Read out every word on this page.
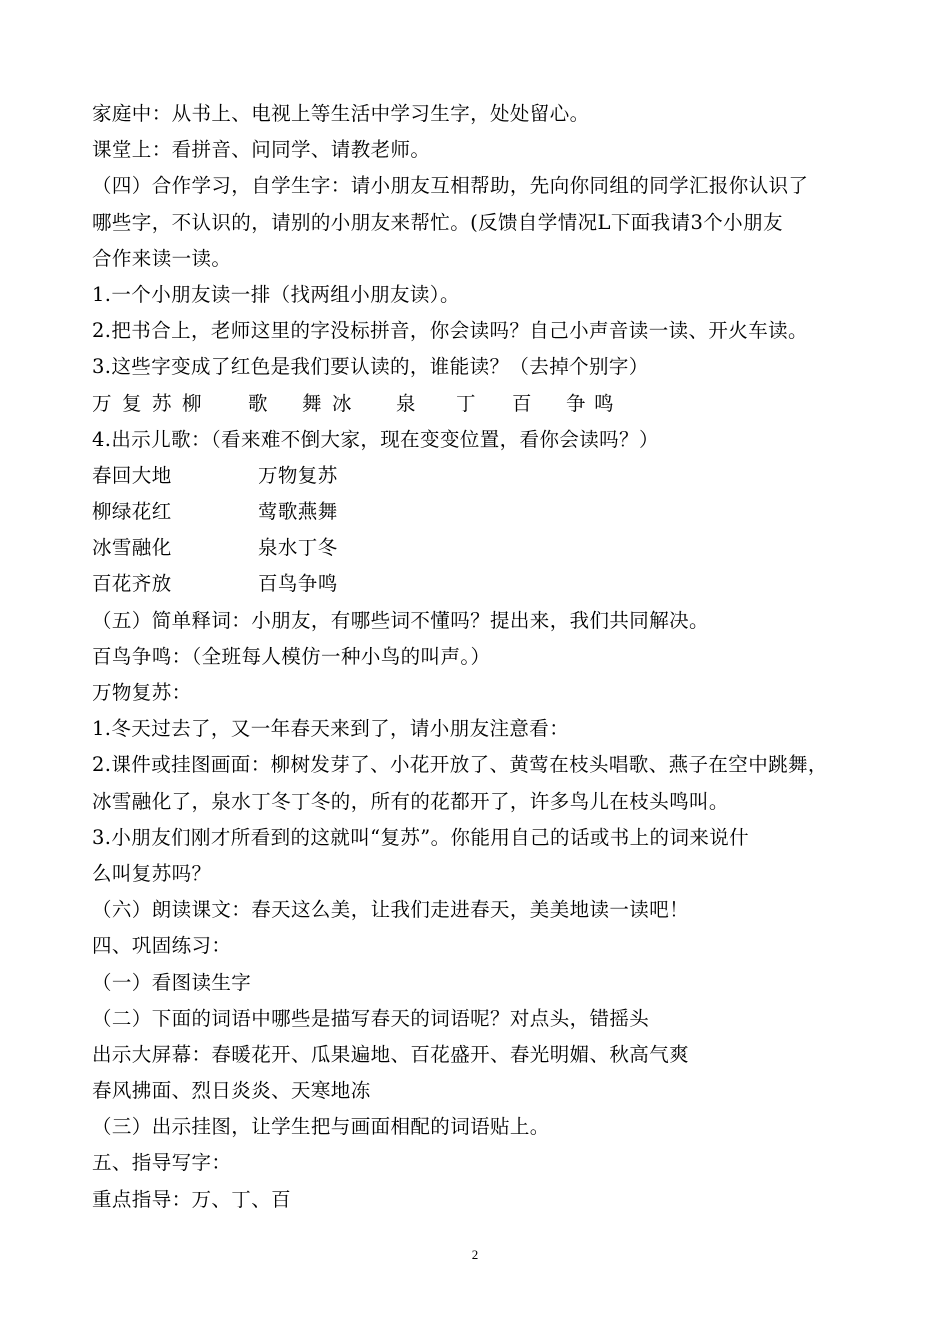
家庭中：从书上、电视上等生活中学习生字，处处留心。
课堂上：看拼音、问同学、请教老师。
（四）合作学习，自学生字：请小朋友互相帮助，先向你同组的同学汇报你认识了
哪些字，不认识的，请别的小朋友来帮忙。(反馈自学情况L下面我请3个小朋友
合作来读一读。
1.一个小朋友读一排（找两组小朋友读）。
2.把书合上，老师这里的字没标拼音，你会读吗？自己小声音读一读、开火车读。
3.这些字变成了红色是我们要认读的，谁能读？（去掉个别字）
万 复 苏 柳 歌 舞 冰 泉 丁 百 争 鸣
4.出示儿歌：（看来难不倒大家，现在变变位置，看你会读吗？）
春回大地	万物复苏
柳绿花红	莺歌燕舞
冰雪融化	泉水丁冬
百花齐放	百鸟争鸣
（五）简单释词：小朋友，有哪些词不懂吗？提出来，我们共同解决。
百鸟争鸣：（全班每人模仿一种小鸟的叫声。）
万物复苏：
1.冬天过去了，又一年春天来到了，请小朋友注意看：
2.课件或挂图画面：柳树发芽了、小花开放了、黄莺在枝头唱歌、燕子在空中跳舞，
冰雪融化了，泉水丁冬丁冬的，所有的花都开了，许多鸟儿在枝头鸣叫。
3.小朋友们刚才所看到的这就叫“复苏”。你能用自己的话或书上的词来说什
么叫复苏吗？
（六）朗读课文：春天这么美，让我们走进春天，美美地读一读吧！
四、巩固练习：
（一）看图读生字
（二）下面的词语中哪些是描写春天的词语呢？对点头，错摇头
出示大屏幕：春暖花开、瓜果遍地、百花盛开、春光明媚、秋高气爽
春风拂面、烈日炎炎、天寒地冻
（三）出示挂图，让学生把与画面相配的词语贴上。
五、指导写字：
重点指导：万、丁、百
2
